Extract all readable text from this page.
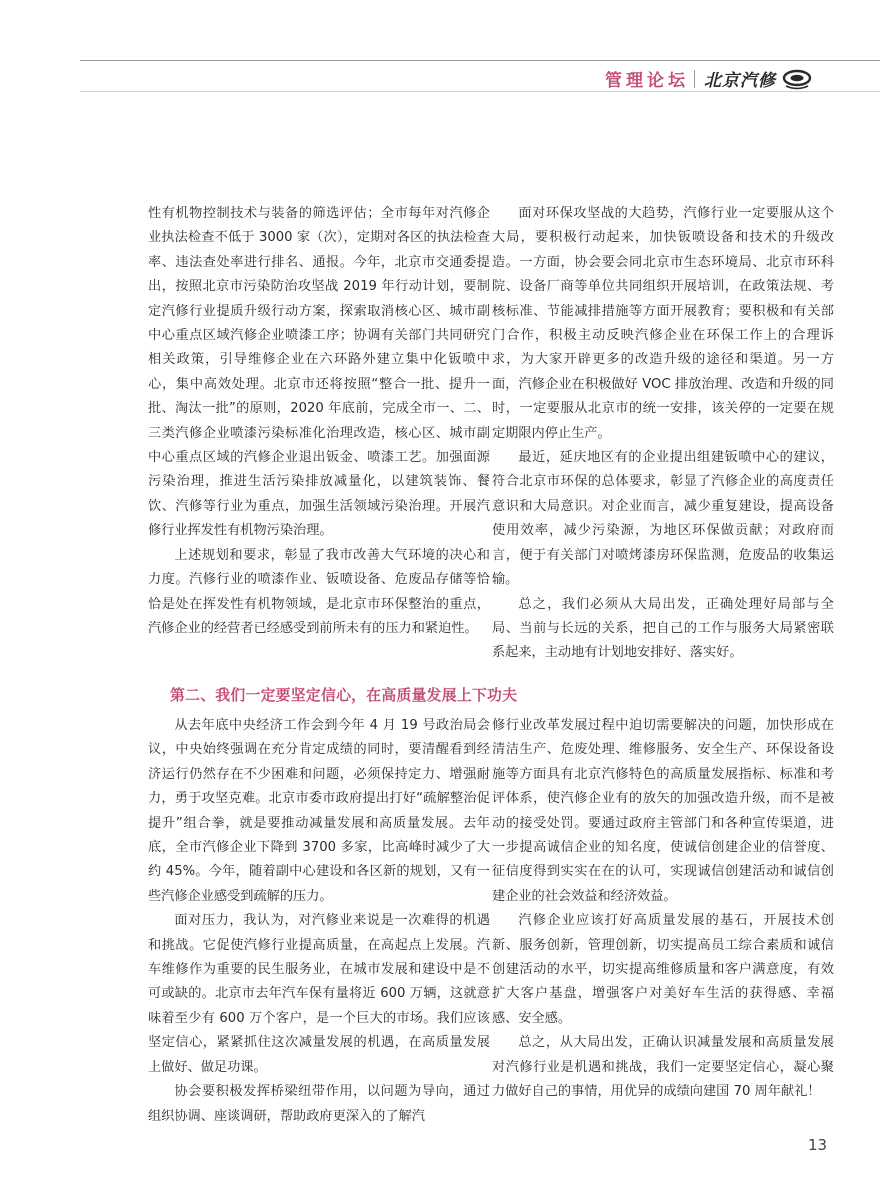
管理论坛 北京汽修

性有机物控制技术与装备的筛选评估；全市每年对汽修企业执法检查不低于 3000 家（次），定期对各区的执法检查率、违法查处率进行排名、通报。今年，北京市交通委提出，按照北京市污染防治攻坚战 2019 年行动计划，要制定汽修行业提质升级行动方案，探索取消核心区、城市副中心重点区域汽修企业喷漆工序；协调有关部门共同研究相关政策，引导维修企业在六环路外建立集中化钣喷中心，集中高效处理。北京市还将按照“整合一批、提升一批、淘汰一批”的原则，2020 年底前，完成全市一、二、三类汽修企业喷漆污染标准化治理改造，核心区、城市副中心重点区域的汽修企业退出钣金、喷漆工艺。加强面源污染治理，推进生活污染排放减量化，以建筑装饰、餐饮、汽修等行业为重点，加强生活领域污染治理。开展汽修行业挥发性有机物污染治理。

上述规划和要求，彰显了我市改善大气环境的决心和力度。汽修行业的喷漆作业、钣喷设备、危废品存储等恰恰是处在挥发性有机物领域，是北京市环保整治的重点，汽修企业的经营者已经感受到前所未有的压力和紧迫性。

面对环保攻坚战的大趋势，汽修行业一定要服从这个大局，要积极行动起来，加快钣喷设备和技术的升级改造。一方面，协会要会同北京市生态环境局、北京市环科院、设备厂商等单位共同组织开展培训，在政策法规、考核标准、节能减排措施等方面开展教育；要积极和有关部门合作，积极主动反映汽修企业在环保工作上的合理诉求，为大家开辟更多的改造升级的途径和渠道。另一方面，汽修企业在积极做好 VOC 排放治理、改造和升级的同时，一定要服从北京市的统一安排，该关停的一定要在规定期限内停止生产。

最近，延庆地区有的企业提出组建钣喷中心的建议，符合北京市环保的总体要求，彰显了汽修企业的高度责任意识和大局意识。对企业而言，减少重复建设，提高设备使用效率，减少污染源，为地区环保做贡献；对政府而言，便于有关部门对喷烤漆房环保监测，危废品的收集运输。

总之，我们必须从大局出发，正确处理好局部与全局、当前与长远的关系，把自己的工作与服务大局紧密联系起来，主动地有计划地安排好、落实好。

第二、我们一定要坚定信心，在高质量发展上下功夫

从去年底中央经济工作会到今年 4 月 19 号政治局会议，中央始终强调在充分肯定成绩的同时，要清醒看到经济运行仍然存在不少困难和问题，必须保持定力、增强耐力，勇于攻坚克难。北京市委市政府提出打好“疏解整治促提升”组合拳，就是要推动减量发展和高质量发展。去年底，全市汽修企业下降到 3700 多家，比高峰时减少了大约 45%。今年，随着副中心建设和各区新的规划，又有一些汽修企业感受到疏解的压力。

面对压力，我认为，对汽修业来说是一次难得的机遇和挑战。它促使汽修行业提高质量，在高起点上发展。汽车维修作为重要的民生服务业，在城市发展和建设中是不可或缺的。北京市去年汽车保有量将近 600 万辆，这就意味着至少有 600 万个客户，是一个巨大的市场。我们应该坚定信心，紧紧抓住这次减量发展的机遇，在高质量发展上做好、做足功课。

协会要积极发挥桥梁纽带作用，以问题为导向，通过组织协调、座谈调研，帮助政府更深入的了解汽

修行业改革发展过程中迫切需要解决的问题，加快形成在清洁生产、危废处理、维修服务、安全生产、环保设备设施等方面具有北京汽修特色的高质量发展指标、标准和考评体系，使汽修企业有的放矢的加强改造升级，而不是被动的接受处罚。要通过政府主管部门和各种宣传渠道，进一步提高诚信企业的知名度，使诚信创建企业的信誉度、征信度得到实实在在的认可，实现诚信创建活动和诚信创建企业的社会效益和经济效益。

汽修企业应该打好高质量发展的基石，开展技术创新、服务创新，管理创新，切实提高员工综合素质和诚信创建活动的水平，切实提高维修质量和客户满意度，有效扩大客户基盘，增强客户对美好车生活的获得感、幸福感、安全感。

总之，从大局出发，正确认识减量发展和高质量发展对汽修行业是机遇和挑战，我们一定要坚定信心，凝心聚力做好自己的事情，用优异的成绩向建国 70 周年献礼！

13
